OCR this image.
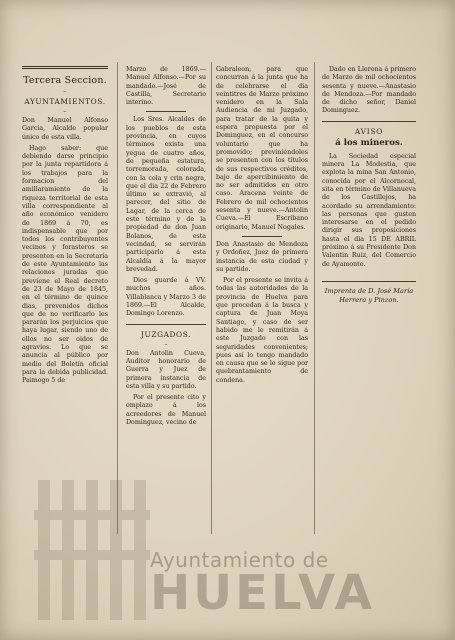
Tercera Seccion.
–
AYUNTAMIENTOS.
–

Don Manuel Alfonso Garcia, Alcalde popular único de esta villa.

Hago saber: que debiendo darse principio por la junta repartidora á los trabajos para la formacion del amillaramiento de la riqueza territorial de esta villa correspondiente al año económico venidero de 1869 á 70, es indispensable que por todos los contribuyentes vecinos y forasteros se presenten en la Secretaría de este Ayuntamiento las relaciones juradas que previene el Real decreto de 23 de Mayo de 1845, en el término de quince dias, prevenidos dichos que de no verificarlo les pararán los perjuicios que haya lugar, siendo uno de ellos no ser oidos de agravios. Lo que se anuncia al público por medio del Boletín oficial para la debida publicidad. Paimogo 5 de

Marzo de 1869.—Manuel Alfonso.—Por su mandado.—José de Castilla, Secretario interino.

Los Sres. Alcaldes de los pueblos de esta provincia, en cuyos términos exista una yegua de cuatro años, de pequeña estatura, torremorada, colorada, con la cola y crin negra, que el dia 22 de Febrero último se extravió, al parecer, del sitio de Lagar, de la cerca de este término y de la propiedad de don Juan Bolanos, de esta vecindad, se servirán participarlo á esta Alcaldía á la mayor brevedad.

Dios guarde á VV. muchos años. Villablanca y Marzo 3 de 1869.—El Alcalde, Domingo Lorenzo.

JUZGADOS.
–

Don Antolin Cueva, Auditor honorario de Guerra y Juez de primera instancia de esta villa y su partido.

Por el presente cito y emplazo á los acreedores de Manuel Dominguez, vecino de

Gabraleon, para que concurran á la junta que ha de celebrarse el dia veintitres de Marzo próximo venidero en la Sala Audiencia de mi Juzgado, para tratar de la quita y espera propuesta por el Dominguez, en el concurso voluntario que ha promovido; previniéndoles se presenten con los títulos de sus respectivos créditos, bajo de apercibimiento de no ser admitidos en otro caso. Aracena veinte de Febrero de mil ochocientos sesenta y nueve.—Antolin Cueva.—El Escribano originario, Manuel Nogales.

Don Anastasio de Mendoza y Ordoñez, Juez de primera instancia de esta ciudad y su partido.

Por el presente se invita á todas las autoridades de la provincia de Huelva para que procedan á la busca y captura de Juan Moya Santiago, y caso de ser habido me le remitirán á este Juzgado con las seguridades convenientes; pues así lo tengo mandado en causa que se le sigue por quebrantamiento de condena.

Dado en Llerena á primero de Marzo de mil ochocientos sesenta y nueve.—Anastasio de Mendoza.—Por mandado de dicho señor, Daniel Dominguez.

AVISO
á los mineros.

La Sociedad especial minera La Modestia, que explota la mina San Antonio, conocida por el Alcornocal, sita en término de Villanueva de los Castillejos, ha acordado su arrendamiento: las personas que gusten interesarse en el pedido dirigir sus proposiciones hasta el dia 15 DE ABRIL próximo á su Presidente Don Valentin Ruiz, del Comercio de Ayamonte.

Imprenta de D. José María Herrera y Pinzon.
Ayuntamiento de
HUELVA
